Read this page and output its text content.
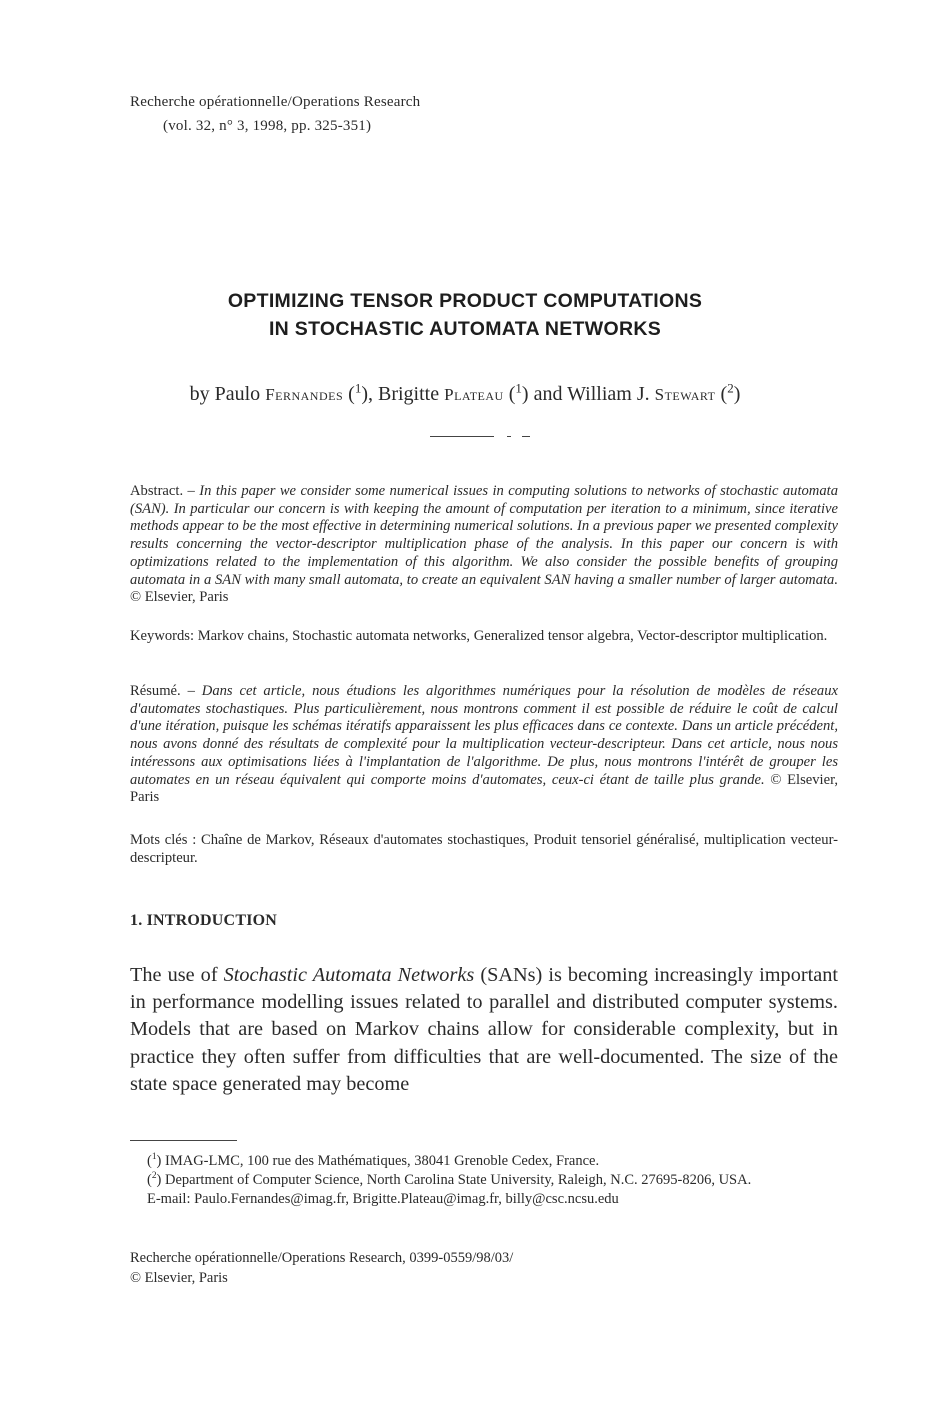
Recherche opérationnelle/Operations Research
(vol. 32, n° 3, 1998, pp. 325-351)
OPTIMIZING TENSOR PRODUCT COMPUTATIONS
IN STOCHASTIC AUTOMATA NETWORKS
by Paulo Fernandes ($^1$), Brigitte Plateau ($^1$) and William J. Stewart ($^2$)
Abstract. – In this paper we consider some numerical issues in computing solutions to networks of stochastic automata (SAN). In particular our concern is with keeping the amount of computation per iteration to a minimum, since iterative methods appear to be the most effective in determining numerical solutions. In a previous paper we presented complexity results concerning the vector-descriptor multiplication phase of the analysis. In this paper our concern is with optimizations related to the implementation of this algorithm. We also consider the possible benefits of grouping automata in a SAN with many small automata, to create an equivalent SAN having a smaller number of larger automata. © Elsevier, Paris
Keywords: Markov chains, Stochastic automata networks, Generalized tensor algebra, Vector-descriptor multiplication.
Résumé. – Dans cet article, nous étudions les algorithmes numériques pour la résolution de modèles de réseaux d'automates stochastiques. Plus particulièrement, nous montrons comment il est possible de réduire le coût de calcul d'une itération, puisque les schémas itératifs apparaissent les plus efficaces dans ce contexte. Dans un article précédent, nous avons donné des résultats de complexité pour la multiplication vecteur-descripteur. Dans cet article, nous nous intéressons aux optimisations liées à l'implantation de l'algorithme. De plus, nous montrons l'intérêt de grouper les automates en un réseau équivalent qui comporte moins d'automates, ceux-ci étant de taille plus grande. © Elsevier, Paris
Mots clés : Chaîne de Markov, Réseaux d'automates stochastiques, Produit tensoriel généralisé, multiplication vecteur-descripteur.
1. INTRODUCTION
The use of Stochastic Automata Networks (SANs) is becoming increasingly important in performance modelling issues related to parallel and distributed computer systems. Models that are based on Markov chains allow for considerable complexity, but in practice they often suffer from difficulties that are well-documented. The size of the state space generated may become
($^1$) IMAG-LMC, 100 rue des Mathématiques, 38041 Grenoble Cedex, France.
($^2$) Department of Computer Science, North Carolina State University, Raleigh, N.C. 27695-8206, USA.
E-mail: Paulo.Fernandes@imag.fr, Brigitte.Plateau@imag.fr, billy@csc.ncsu.edu
Recherche opérationnelle/Operations Research, 0399-0559/98/03/
© Elsevier, Paris
